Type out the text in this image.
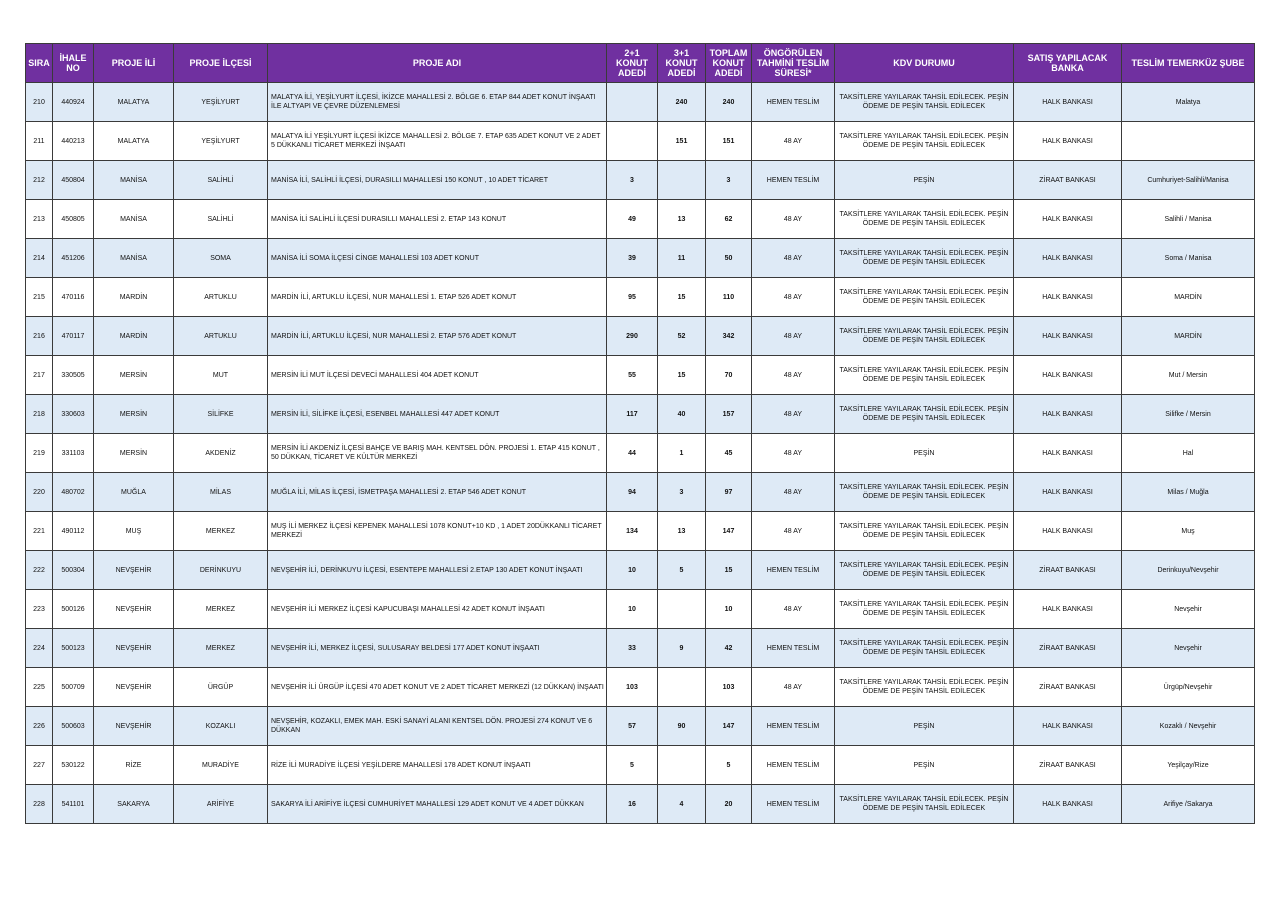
SIRA	İHALE NO	PROJE İLİ	PROJE İLÇESİ	PROJE ADI	2+1 KONUT ADEDİ	3+1 KONUT ADEDİ	TOPLAM KONUT ADEDİ	ÖNGÖRÜLEN TAHMİNİ TESLİM SÜRESİ*	KDV DURUMU	SATIŞ YAPILACAK BANKA	TESLİM TEMERKÜZ ŞUBE
210	440924	MALATYA	YEŞİLYURT	MALATYA İLİ, YEŞİLYURT İLÇESİ, İKİZCE MAHALLESİ 2. BÖLGE 6. ETAP 844 ADET KONUT İNŞAATI İLE ALTYAPI VE ÇEVRE DÜZENLEMESİ		240	240	HEMEN TESLİM	TAKSİTLERE YAYILARAK TAHSİL EDİLECEK. PEŞİN ÖDEME DE PEŞİN TAHSİL EDİLECEK	HALK BANKASI	Malatya
211	440213	MALATYA	YEŞİLYURT	MALATYA İLİ YEŞİLYURT İLÇESİ İKİZCE MAHALLESİ 2. BÖLGE 7. ETAP 635 ADET KONUT VE 2 ADET 5 DÜKKANLI TİCARET MERKEZİ İNŞAATI		151	151	48 AY	TAKSİTLERE YAYILARAK TAHSİL EDİLECEK. PEŞİN ÖDEME DE PEŞİN TAHSİL EDİLECEK	HALK BANKASI	
212	450804	MANİSA	SALİHLİ	MANİSA İLİ, SALİHLİ İLÇESİ, DURASILLI MAHALLESİ 150 KONUT , 10 ADET TİCARET	3		3	HEMEN TESLİM	PEŞİN	ZİRAAT BANKASI	Cumhuriyet-Salihli/Manisa
213	450805	MANİSA	SALİHLİ	MANİSA İLİ SALİHLİ İLÇESİ DURASILLI MAHALLESİ 2. ETAP 143 KONUT	49	13	62	48 AY	TAKSİTLERE YAYILARAK TAHSİL EDİLECEK. PEŞİN ÖDEME DE PEŞİN TAHSİL EDİLECEK	HALK BANKASI	Salihli / Manisa
214	451206	MANİSA	SOMA	MANİSA İLİ SOMA İLÇESİ CİNGE MAHALLESİ 103 ADET KONUT	39	11	50	48 AY	TAKSİTLERE YAYILARAK TAHSİL EDİLECEK. PEŞİN ÖDEME DE PEŞİN TAHSİL EDİLECEK	HALK BANKASI	Soma / Manisa
215	470116	MARDİN	ARTUKLU	MARDİN İLİ, ARTUKLU İLÇESİ, NUR MAHALLESİ 1. ETAP 526 ADET KONUT	95	15	110	48 AY	TAKSİTLERE YAYILARAK TAHSİL EDİLECEK. PEŞİN ÖDEME DE PEŞİN TAHSİL EDİLECEK	HALK BANKASI	MARDİN
216	470117	MARDİN	ARTUKLU	MARDİN İLİ, ARTUKLU İLÇESİ, NUR MAHALLESİ 2. ETAP 576 ADET KONUT	290	52	342	48 AY	TAKSİTLERE YAYILARAK TAHSİL EDİLECEK. PEŞİN ÖDEME DE PEŞİN TAHSİL EDİLECEK	HALK BANKASI	MARDİN
217	330505	MERSİN	MUT	MERSİN İLİ MUT İLÇESİ DEVECİ MAHALLESİ 404 ADET KONUT	55	15	70	48 AY	TAKSİTLERE YAYILARAK TAHSİL EDİLECEK. PEŞİN ÖDEME DE PEŞİN TAHSİL EDİLECEK	HALK BANKASI	Mut / Mersin
218	330603	MERSİN	SİLİFKE	MERSİN İLİ, SİLİFKE İLÇESİ, ESENBEL MAHALLESİ 447 ADET KONUT	117	40	157	48 AY	TAKSİTLERE YAYILARAK TAHSİL EDİLECEK. PEŞİN ÖDEME DE PEŞİN TAHSİL EDİLECEK	HALK BANKASI	Silifke / Mersin
219	331103	MERSİN	AKDENİZ	MERSİN İLİ AKDENİZ İLÇESİ BAHÇE VE BARIŞ MAH. KENTSEL DÖN. PROJESİ 1. ETAP 415 KONUT , 50 DÜKKAN, TİCARET VE KÜLTÜR MERKEZİ	44	1	45	48 AY	PEŞİN	HALK BANKASI	Hal
220	480702	MUĞLA	MİLAS	MUĞLA İLİ, MİLAS İLÇESİ, İSMETPAŞA MAHALLESİ 2. ETAP 546 ADET KONUT	94	3	97	48 AY	TAKSİTLERE YAYILARAK TAHSİL EDİLECEK. PEŞİN ÖDEME DE PEŞİN TAHSİL EDİLECEK	HALK BANKASI	Milas / Muğla
221	490112	MUŞ	MERKEZ	MUŞ İLİ MERKEZ İLÇESİ KEPENEK MAHALLESİ 1078 KONUT+10 KD , 1 ADET 20DÜKKANLI TİCARET MERKEZİ	134	13	147	48 AY	TAKSİTLERE YAYILARAK TAHSİL EDİLECEK. PEŞİN ÖDEME DE PEŞİN TAHSİL EDİLECEK	HALK BANKASI	Muş
222	500304	NEVŞEHİR	DERİNKUYU	NEVŞEHİR İLİ, DERİNKUYU İLÇESİ, ESENTEPE MAHALLESİ 2.ETAP 130 ADET KONUT İNŞAATI	10	5	15	HEMEN TESLİM	TAKSİTLERE YAYILARAK TAHSİL EDİLECEK. PEŞİN ÖDEME DE PEŞİN TAHSİL EDİLECEK	ZİRAAT BANKASI	Derinkuyu/Nevşehir
223	500126	NEVŞEHİR	MERKEZ	NEVŞEHİR İLİ MERKEZ İLÇESİ KAPUCUBAŞI MAHALLESİ 42 ADET KONUT İNŞAATI	10		10	48 AY	TAKSİTLERE YAYILARAK TAHSİL EDİLECEK. PEŞİN ÖDEME DE PEŞİN TAHSİL EDİLECEK	HALK BANKASI	Nevşehir
224	500123	NEVŞEHİR	MERKEZ	NEVŞEHİR İLİ, MERKEZ İLÇESİ, SULUSARAY BELDESİ 177 ADET KONUT İNŞAATI	33	9	42	HEMEN TESLİM	TAKSİTLERE YAYILARAK TAHSİL EDİLECEK. PEŞİN ÖDEME DE PEŞİN TAHSİL EDİLECEK	ZİRAAT BANKASI	Nevşehir
225	500709	NEVŞEHİR	ÜRGÜP	NEVŞEHİR İLİ ÜRGÜP İLÇESİ 470 ADET KONUT VE 2 ADET TİCARET MERKEZİ (12 DÜKKAN) İNŞAATI	103		103	48 AY	TAKSİTLERE YAYILARAK TAHSİL EDİLECEK. PEŞİN ÖDEME DE PEŞİN TAHSİL EDİLECEK	ZİRAAT BANKASI	Ürgüp/Nevşehir
226	500603	NEVŞEHİR	KOZAKLI	NEVŞEHİR, KOZAKLI, EMEK MAH. ESKİ SANAYİ ALANI KENTSEL DÖN. PROJESİ 274 KONUT VE 6 DÜKKAN	57	90	147	HEMEN TESLİM	PEŞİN	HALK BANKASI	Kozaklı / Nevşehir
227	530122	RİZE	MURADİYE	RİZE İLİ MURADİYE İLÇESİ YEŞİLDERE MAHALLESİ 178 ADET KONUT İNŞAATI	5		5	HEMEN TESLİM	PEŞİN	ZİRAAT BANKASI	Yeşilçay/Rize
228	541101	SAKARYA	ARİFİYE	SAKARYA İLİ ARİFİYE İLÇESİ CUMHURİYET MAHALLESİ 129 ADET KONUT VE 4 ADET DÜKKAN	16	4	20	HEMEN TESLİM	TAKSİTLERE YAYILARAK TAHSİL EDİLECEK. PEŞİN ÖDEME DE PEŞİN TAHSİL EDİLECEK	HALK BANKASI	Arifiye /Sakarya
